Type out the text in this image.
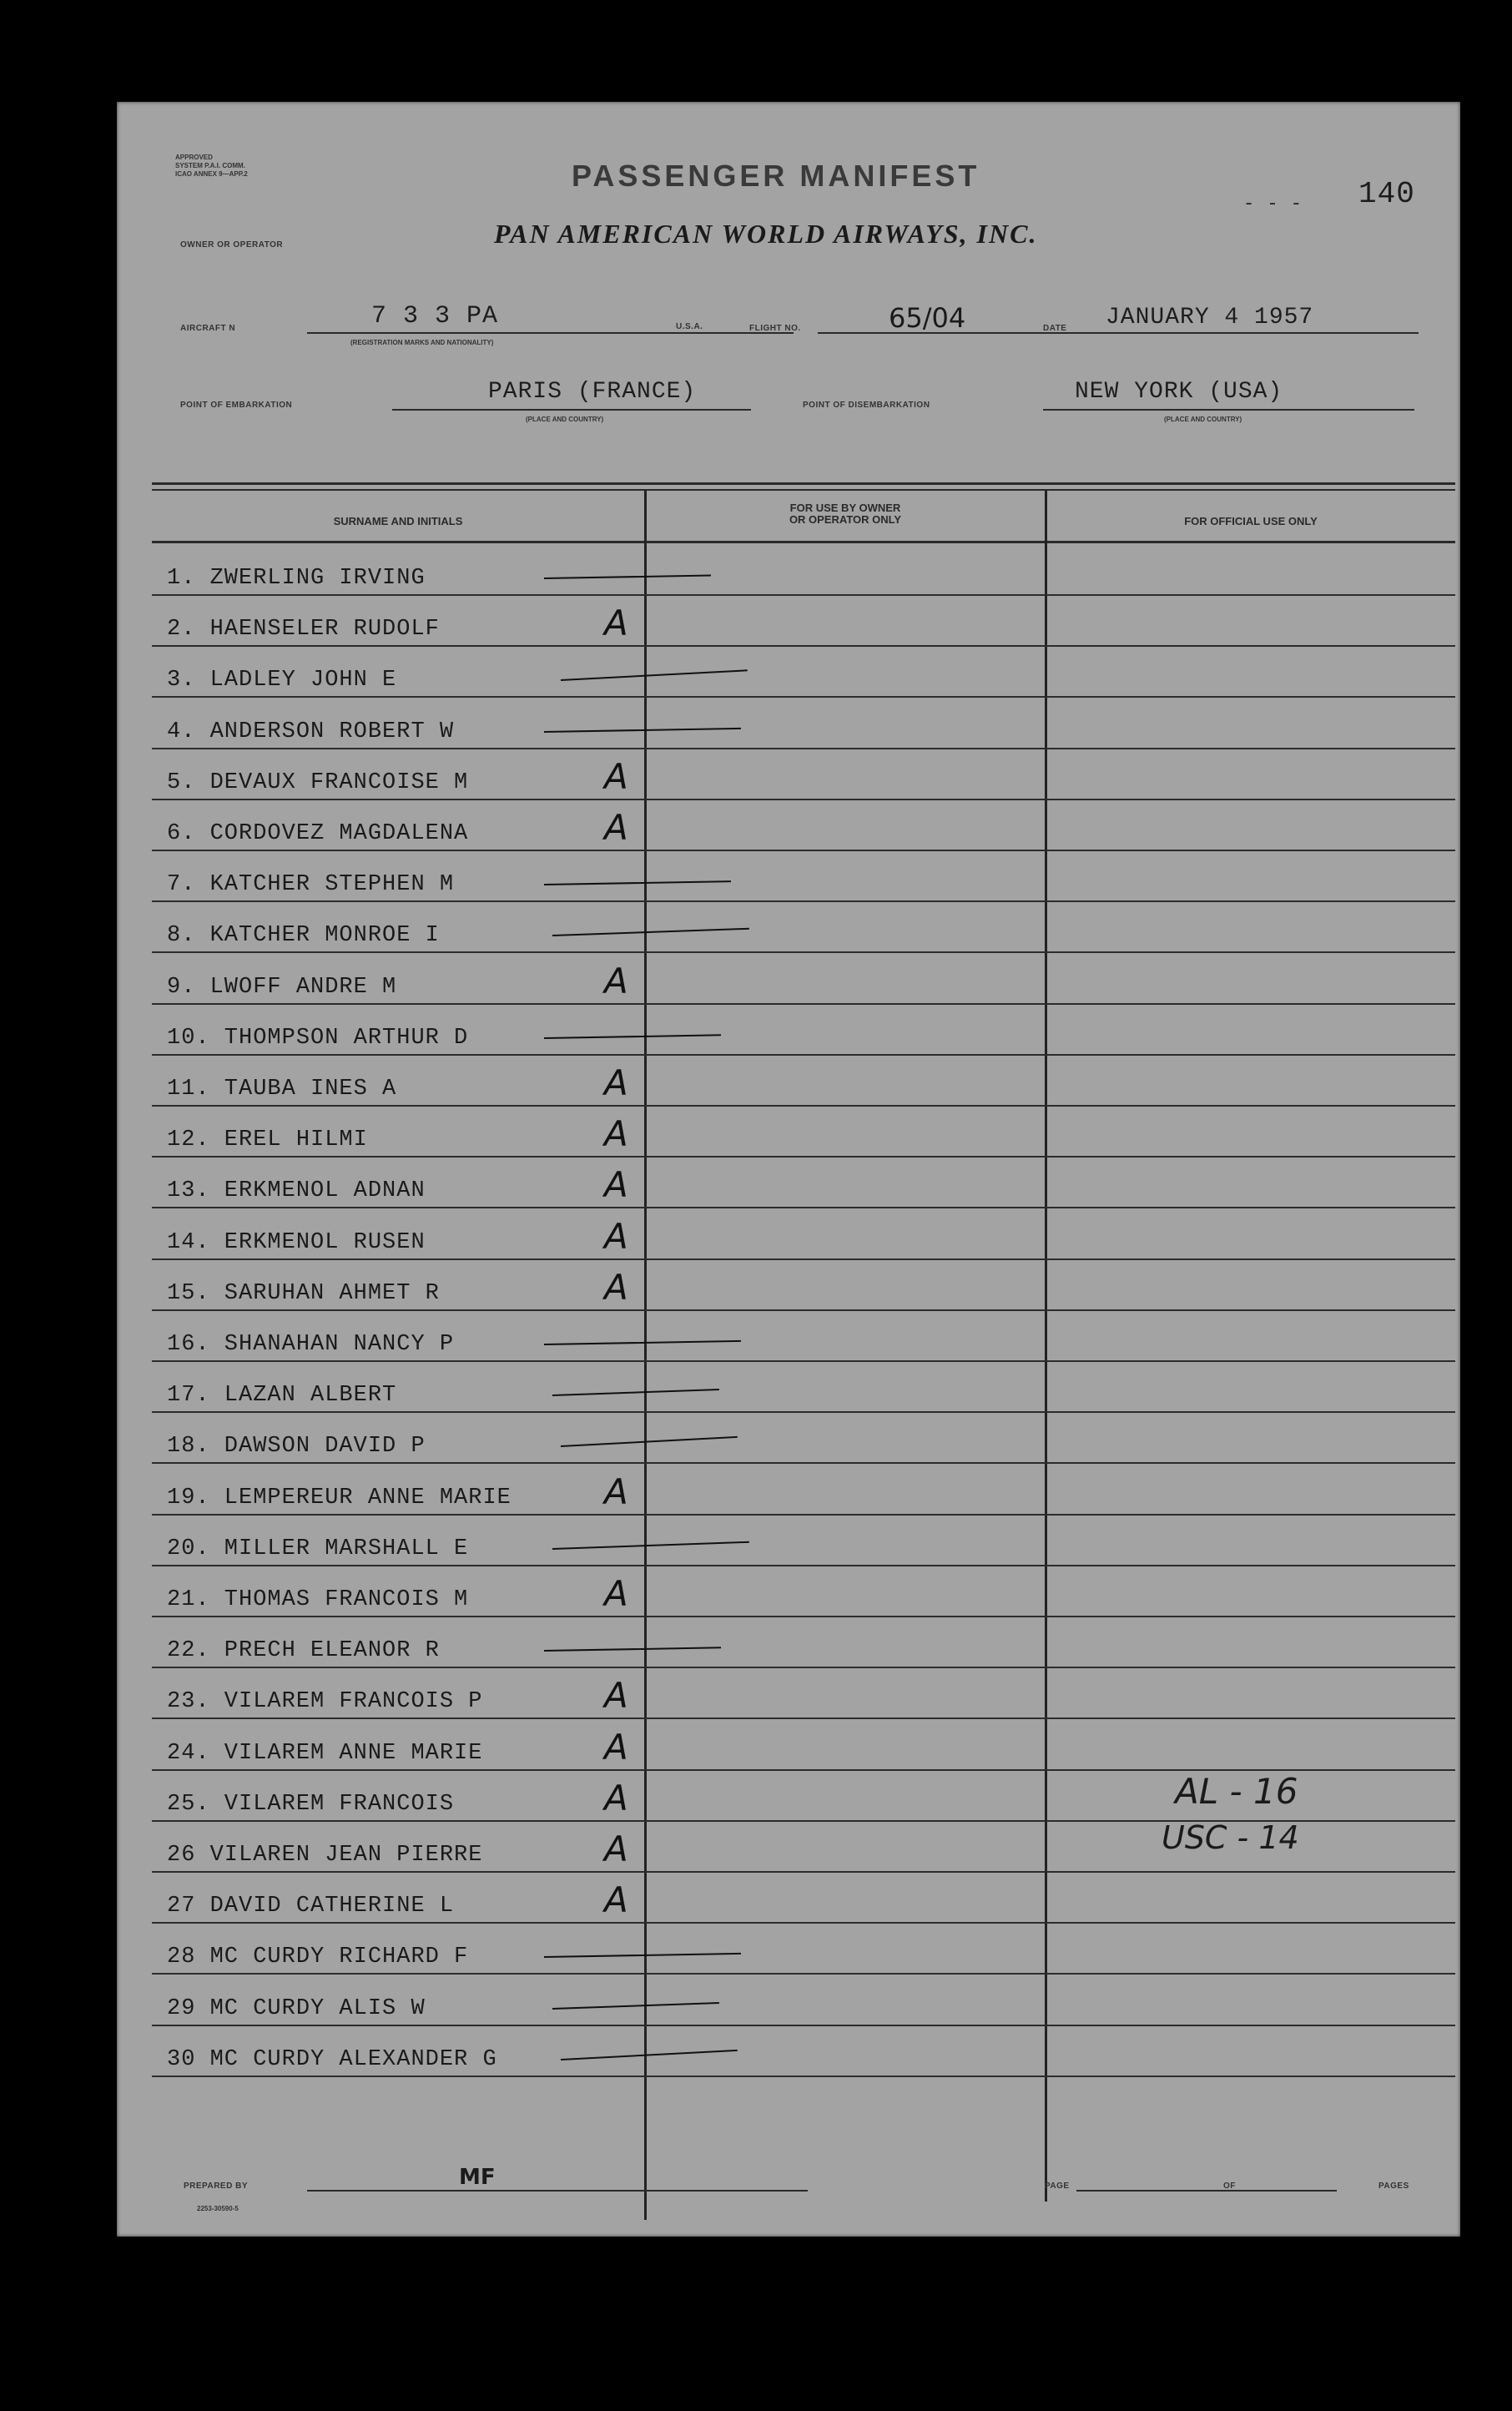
APPROVED
SYSTEM P.A.I. COMM.
ICAO ANNEX 9—APP.2	PASSENGER MANIFEST
- - - 140
OWNER OR OPERATOR	PAN AMERICAN WORLD AIRWAYS, INC.
AIRCRAFT N	7 3 3 PA
(REGISTRATION MARKS AND NATIONALITY)
U.S.A.	FLIGHT NO.	65/04	DATE JANUARY 4 1957
POINT OF EMBARKATION
PARIS (FRANCE)
(PLACE AND COUNTRY)
POINT OF DISEMBARKATION
NEW YORK (USA)
(PLACE AND COUNTRY)
SURNAME AND INITIALS
FOR USE BY OWNER
OR OPERATOR ONLY	FOR OFFICIAL USE ONLY
1. ZWERLING IRVING
2. HAENSELER RUDOLF	A
3. LADLEY JOHN E
4. ANDERSON ROBERT W
5. DEVAUX FRANCOISE M	A
6. CORDOVEZ MAGDALENA	A
7. KATCHER STEPHEN M
8. KATCHER MONROE I
9. LWOFF ANDRE M	A
10. THOMPSON ARTHUR D
11. TAUBA INES A	A
12. EREL HILMI	A
13. ERKMENOL ADNAN	A
14. ERKMENOL RUSEN	A
15. SARUHAN AHMET R	A
16. SHANAHAN NANCY P
17. LAZAN ALBERT
18. DAWSON DAVID P
19. LEMPEREUR ANNE MARIE	A
20. MILLER MARSHALL E
21. THOMAS FRANCOIS M	A
22. PRECH ELEANOR R
23. VILAREM FRANCOIS P	A
24. VILAREM ANNE MARIE	A
25. VILAREM FRANCOIS	A
26 VILAREN JEAN PIERRE	A
27 DAVID CATHERINE L	A
28 MC CURDY RICHARD F
29 MC CURDY ALIS W
30 MC CURDY ALEXANDER G
AL - 16
USC - 14
PREPARED BY	MF	PAGE	OF	PAGES
2253-30590-5
